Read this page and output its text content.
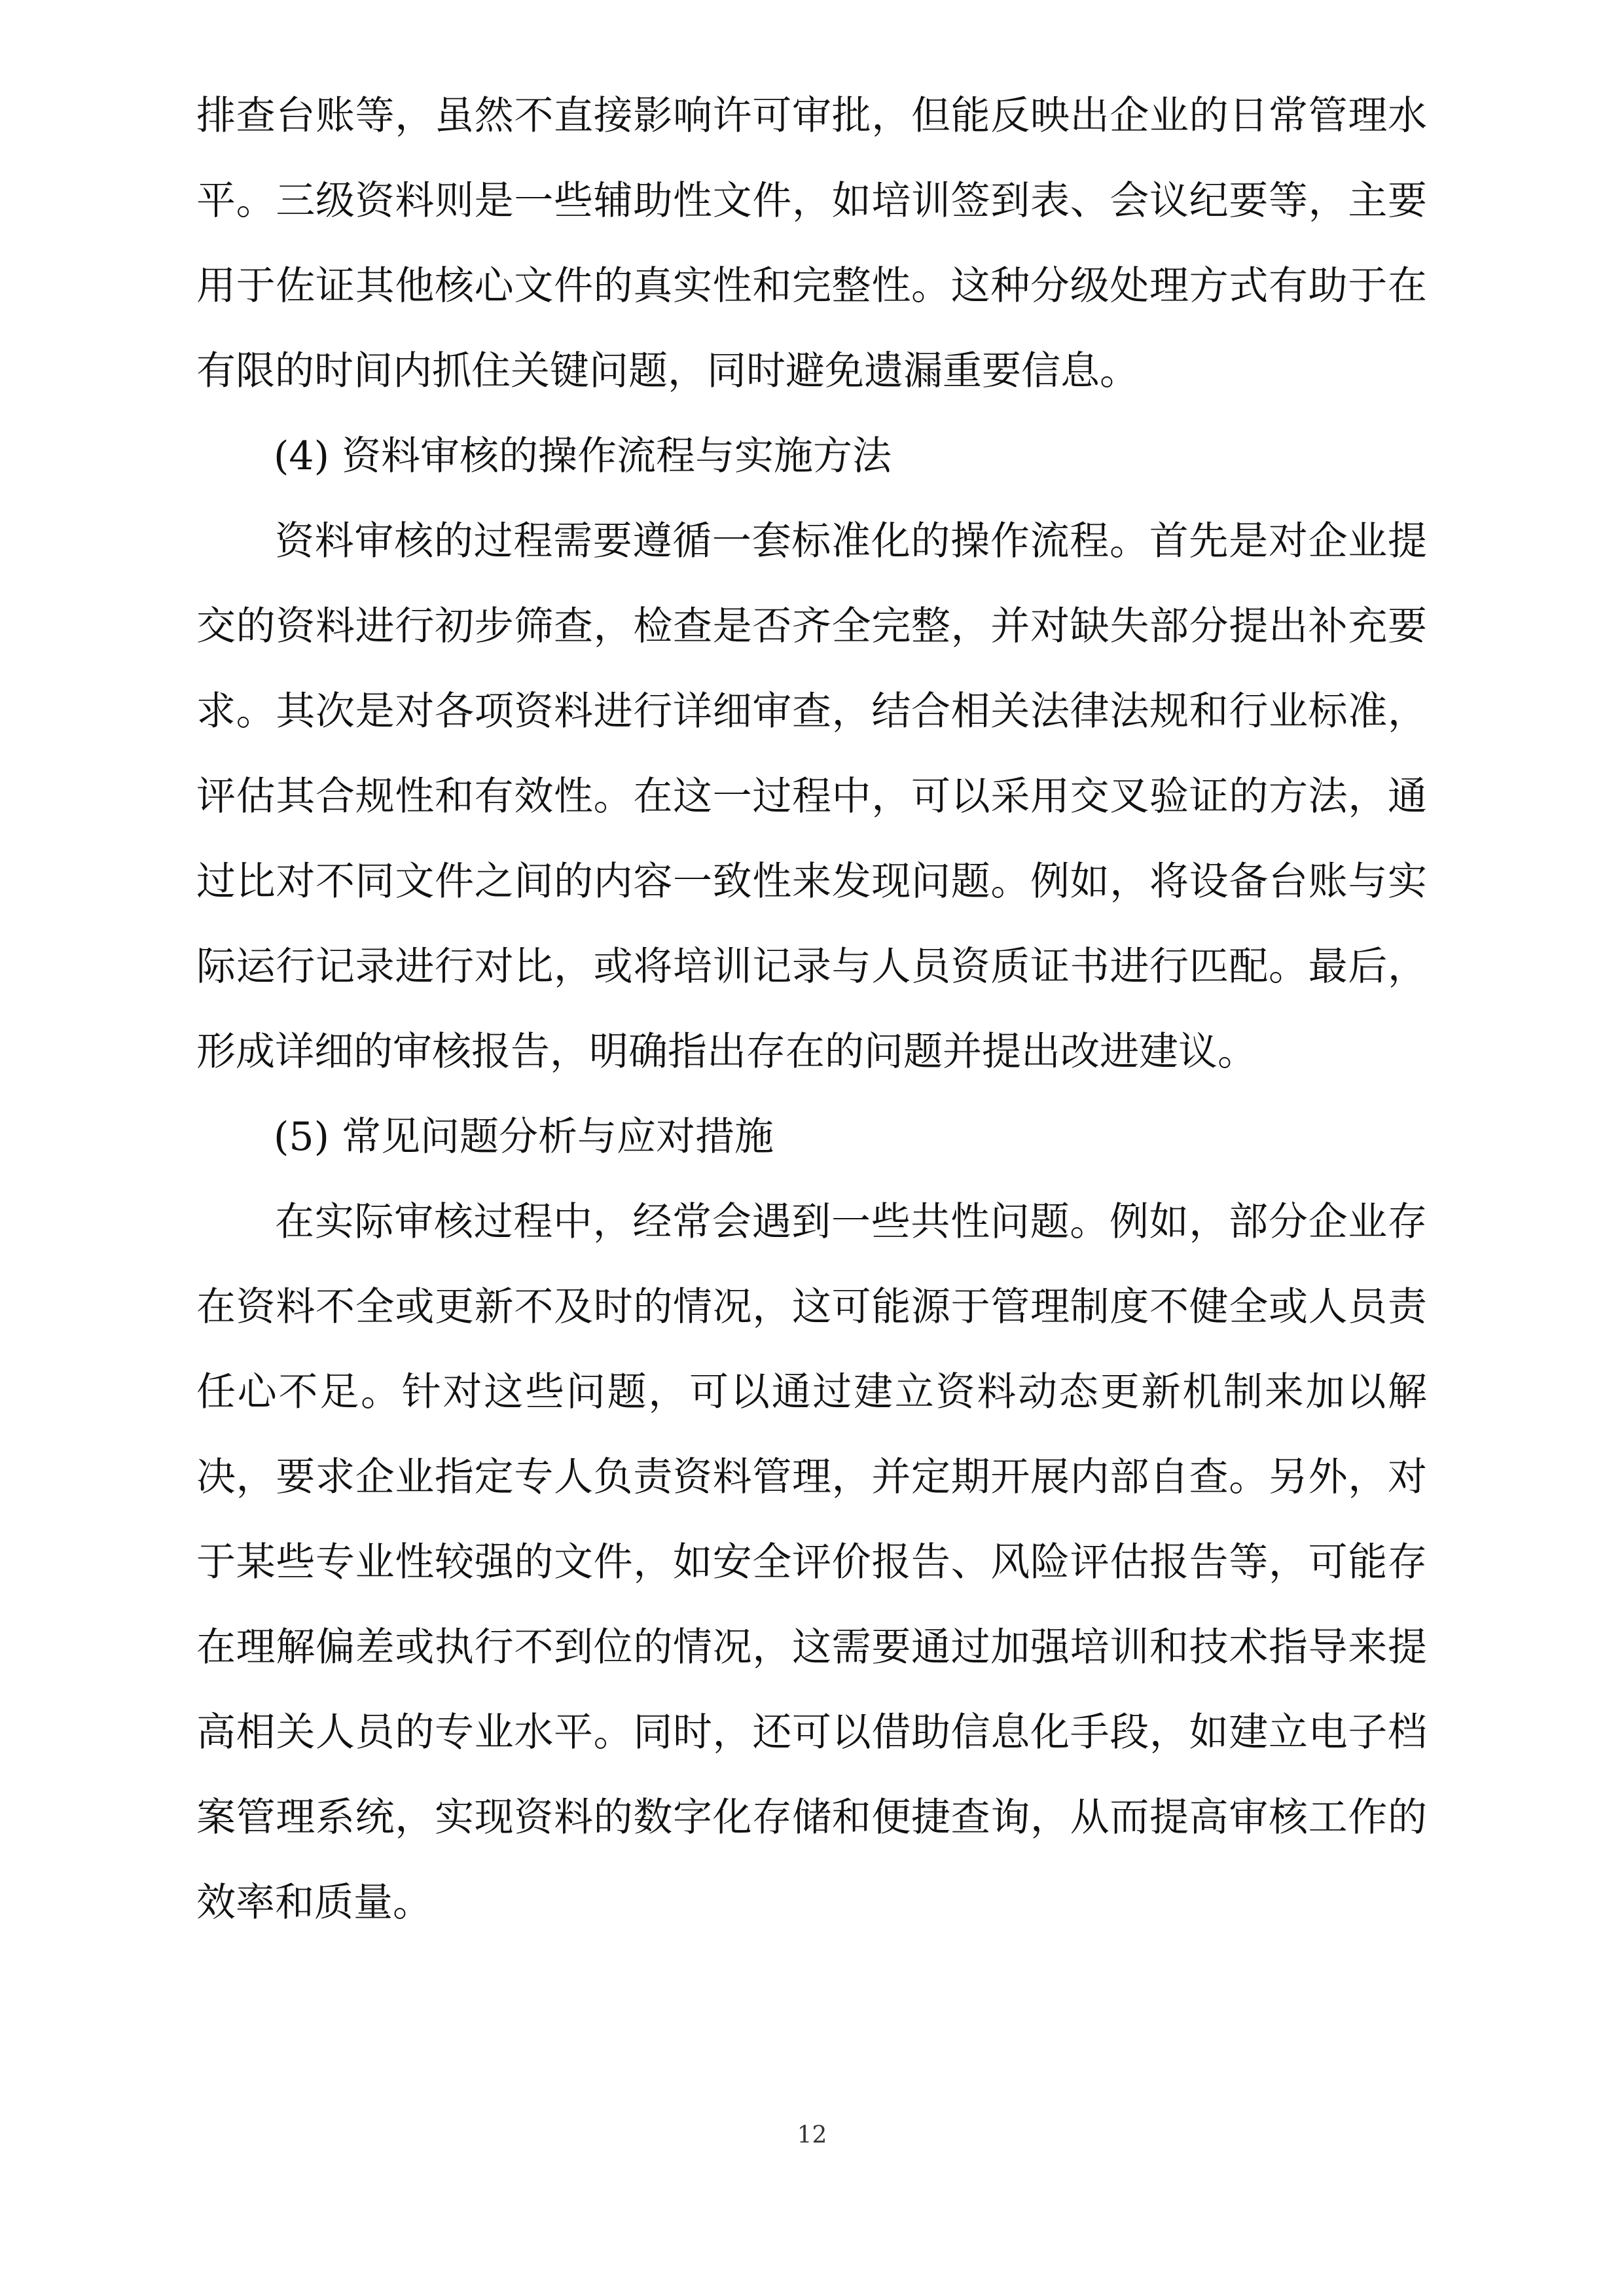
排查台账等，虽然不直接影响许可审批，但能反映出企业的日常管理水平。三级资料则是一些辅助性文件，如培训签到表、会议纪要等，主要用于佐证其他核心文件的真实性和完整性。这种分级处理方式有助于在有限的时间内抓住关键问题，同时避免遗漏重要信息。

(4) 资料审核的操作流程与实施方法

资料审核的过程需要遵循一套标准化的操作流程。首先是对企业提交的资料进行初步筛查，检查是否齐全完整，并对缺失部分提出补充要求。其次是对各项资料进行详细审查，结合相关法律法规和行业标准，评估其合规性和有效性。在这一过程中，可以采用交叉验证的方法，通过比对不同文件之间的内容一致性来发现问题。例如，将设备台账与实际运行记录进行对比，或将培训记录与人员资质证书进行匹配。最后，形成详细的审核报告，明确指出存在的问题并提出改进建议。

(5) 常见问题分析与应对措施

在实际审核过程中，经常会遇到一些共性问题。例如，部分企业存在资料不全或更新不及时的情况，这可能源于管理制度不健全或人员责任心不足。针对这些问题，可以通过建立资料动态更新机制来加以解决，要求企业指定专人负责资料管理，并定期开展内部自查。另外，对于某些专业性较强的文件，如安全评价报告、风险评估报告等，可能存在理解偏差或执行不到位的情况，这需要通过加强培训和技术指导来提高相关人员的专业水平。同时，还可以借助信息化手段，如建立电子档案管理系统，实现资料的数字化存储和便捷查询，从而提高审核工作的效率和质量。

12
